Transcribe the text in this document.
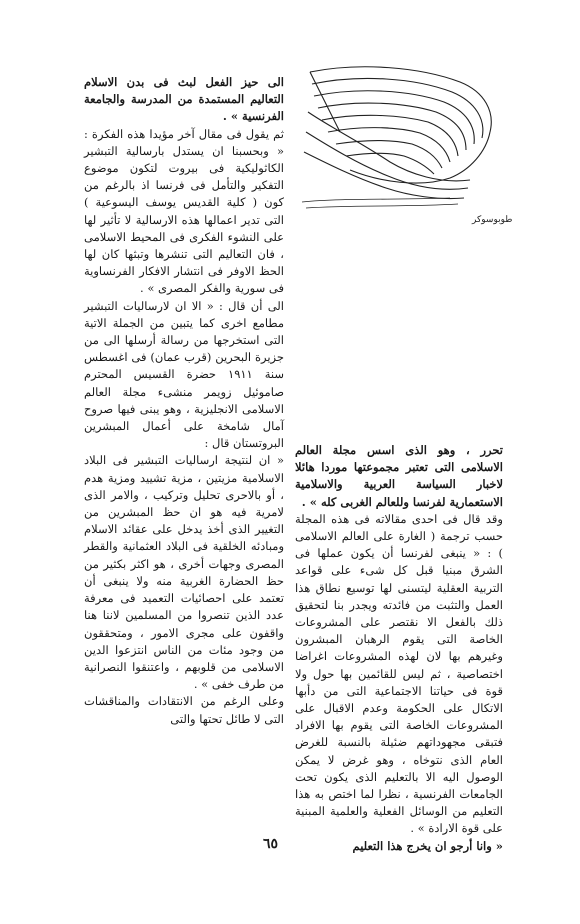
طوبوسوكر

الى حيز الفعل لبث فى بدن الاسلام التعاليم المستمدة من المدرسة والجامعة الفرنسية » .

ثم يقول فى مقال آخر مؤيدا هذه الفكرة : « وبحسبنا ان يستدل بارسالية التبشير الكاثوليكية فى بيروت لتكون موضوع التفكير والتأمل فى فرنسا اذ بالرغم من كون ( كلية القديس يوسف اليسوعية ) التى تدير اعمالها هذه الارسالية لا تأثير لها على النشوء الفكرى فى المحيط الاسلامى ، فان التعاليم التى تنشرها وتبثها كان لها الحظ الاوفر فى انتشار الافكار الفرنساوية فى سورية والفكر المصرى » .

الى أن قال : « الا ان لارساليات التبشير مطامع اخرى كما يتبين من الجملة الاتية التى استخرجها من رسالة أرسلها الى من جزيرة البحرين (قرب عمان) فى اغسطس سنة ١٩١١ حضرة القسيس المحترم صاموئيل زويمر منشىء مجلة العالم الاسلامى الانجليزية ، وهو يبنى فيها صروح آمال شامخة على أعمال المبشرين البروتستان قال :

« ان لنتيجة ارساليات التبشير فى البلاد الاسلامية مزيتين ، مزية تشييد ومزية هدم ، أو بالاحرى تحليل وتركيب ، والامر الذى لامرية فيه هو ان حظ المبشرين من التغيير الذى أخذ يدخل على عقائد الاسلام ومبادئه الخلقية فى البلاد العثمانية والقطر المصرى وجهات أخرى ، هو اكثر بكثير من حظ الحضارة الغربية منه ولا ينبغى أن تعتمد على احصائيات التعميد فى معرفة عدد الذين تنصروا من المسلمين لاننا هنا واقفون على مجرى الامور ، ومتحققون من وجود مئات من الناس انتزعوا الدين الاسلامى من قلوبهم ، واعتنقوا النصرانية من طرف خفى » .

وعلى الرغم من الانتقادات والمناقشات التى لا طائل تحتها والتى

تحرر ، وهو الذى اسس مجلة العالم الاسلامى التى تعتبر مجموعتها موردا هائلا لاخبار السياسة العربية والاسلامية الاستعمارية لفرنسا وللعالم الغربى كله » .

وقد قال فى احدى مقالاته فى هذه المجلة حسب ترجمة ( الغارة على العالم الاسلامى ) : « ينبغى لفرنسا أن يكون عملها فى الشرق مبنيا قبل كل شىء على قواعد التربية العقلية ليتسنى لها توسيع نطاق هذا العمل والتثبت من فائدته ويجدر بنا لتحقيق ذلك بالفعل الا نقتصر على المشروعات الخاصة التى يقوم الرهبان المبشرون وغيرهم بها لان لهذه المشروعات اغراضا اختصاصية ، ثم ليس للقائمين بها حول ولا قوة فى حياتنا الاجتماعية التى من دأبها الاتكال على الحكومة وعدم الاقبال على المشروعات الخاصة التى يقوم بها الافراد فتبقى مجهوداتهم ضئيلة بالنسبة للغرض العام الذى نتوخاه ، وهو غرض لا يمكن الوصول اليه الا بالتعليم الذى يكون تحت الجامعات الفرنسية ، نظرا لما اختص به هذا التعليم من الوسائل الفعلية والعلمية المبنية على قوة الارادة » .

« وانا أرجو ان يخرج هذا التعليم

٦٥
